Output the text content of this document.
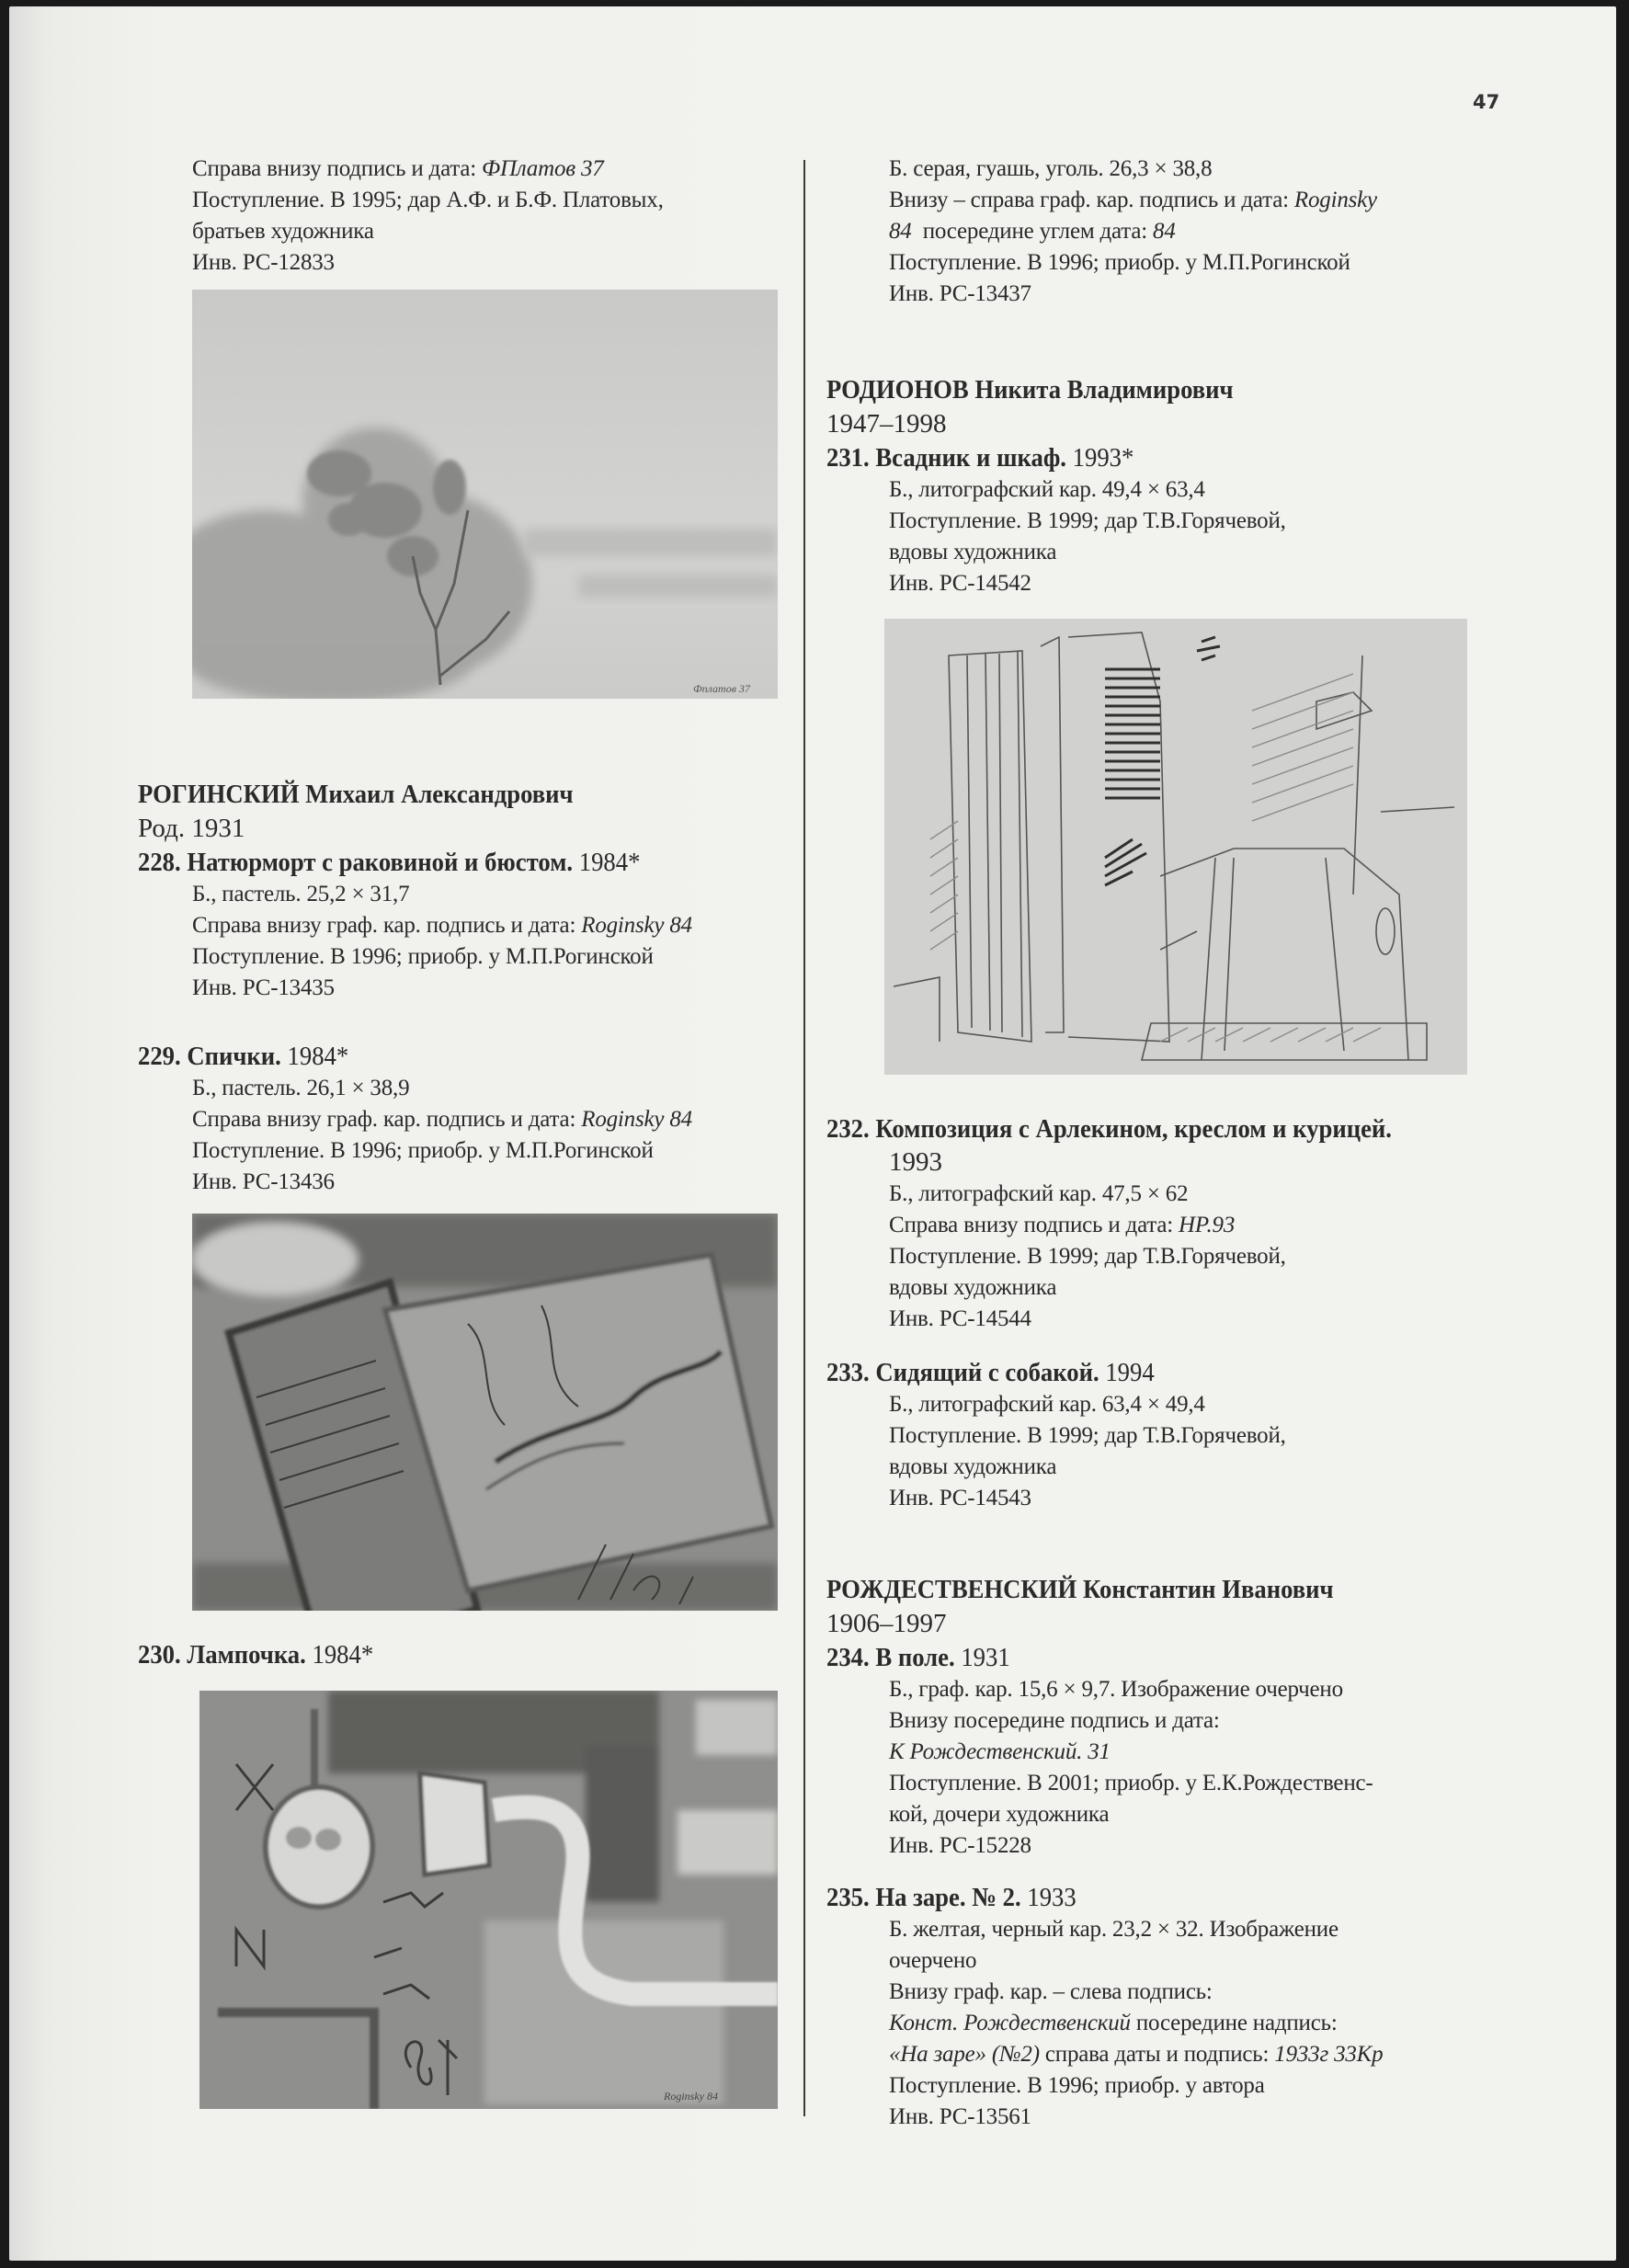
47
Справа внизу подпись и дата: ФПлатов 37
Поступление. В 1995; дар А.Ф. и Б.Ф. Платовых,
братьев художника
Инв. РС-12833
Фплатов 37
РОГИНСКИЙ Михаил Александрович
Род. 1931
228. Натюрморт с раковиной и бюстом. 1984*
Б., пастель. 25,2 × 31,7
Справа внизу граф. кар. подпись и дата: Roginsky 84
Поступление. В 1996; приобр. у М.П.Рогинской
Инв. РС-13435
229. Спички. 1984*
Б., пастель. 26,1 × 38,9
Справа внизу граф. кар. подпись и дата: Roginsky 84
Поступление. В 1996; приобр. у М.П.Рогинской
Инв. РС-13436
230. Лампочка. 1984*
Roginsky 84
Б. серая, гуашь, уголь. 26,3 × 38,8
Внизу – справа граф. кар. подпись и дата: Roginsky
84  посередине углем дата: 84
Поступление. В 1996; приобр. у М.П.Рогинской
Инв. РС-13437
РОДИОНОВ Никита Владимирович
1947–1998
231. Всадник и шкаф. 1993*
Б., литографский кар. 49,4 × 63,4
Поступление. В 1999; дар Т.В.Горячевой,
вдовы художника
Инв. РС-14542
232. Композиция с Арлекином, креслом и курицей.
1993
Б., литографский кар. 47,5 × 62
Справа внизу подпись и дата: НР.93
Поступление. В 1999; дар Т.В.Горячевой,
вдовы художника
Инв. РС-14544
233. Сидящий с собакой. 1994
Б., литографский кар. 63,4 × 49,4
Поступление. В 1999; дар Т.В.Горячевой,
вдовы художника
Инв. РС-14543
РОЖДЕСТВЕНСКИЙ Константин Иванович
1906–1997
234. В поле. 1931
Б., граф. кар. 15,6 × 9,7. Изображение очерчено
Внизу посередине подпись и дата:
К Рождественский. 31
Поступление. В 2001; приобр. у Е.К.Рождественс-
кой, дочери художника
Инв. РС-15228
235. На заре. № 2. 1933
Б. желтая, черный кар. 23,2 × 32. Изображение
очерчено
Внизу граф. кар. – слева подпись:
Конст. Рождественский посередине надпись:
«На заре» (№2) справа даты и подпись: 1933г 33Кр
Поступление. В 1996; приобр. у автора
Инв. РС-13561
